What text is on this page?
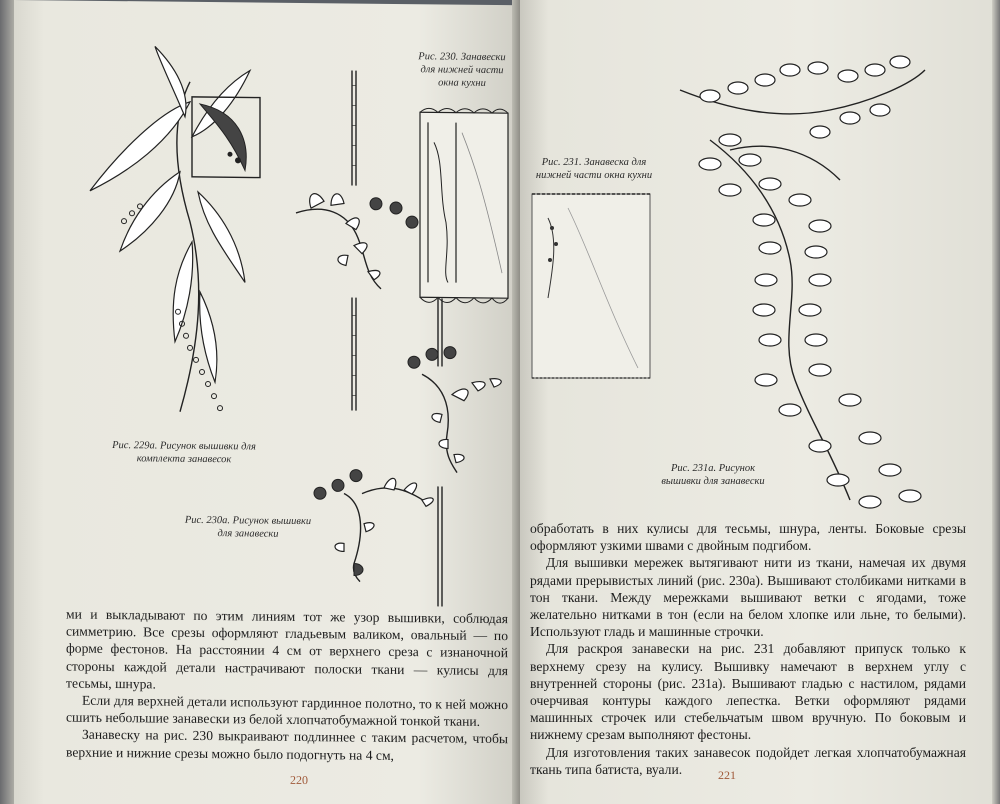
Рис. 230. Занавески для нижней части окна кухни
Рис. 229а. Рисунок вышивки для комплекта занавесок
Рис. 230а. Рисунок вышивки для занавески

ми и выкладывают по этим линиям тот же узор вышивки, соблюдая симметрию. Все срезы оформляют гладьевым валиком, овальный — по форме фестонов. На расстоянии 4 см от верхнего среза с изнаночной стороны каждой детали настрачивают полоски ткани — кулисы для тесьмы, шнура.

Если для верхней детали используют гардинное полотно, то к ней можно сшить небольшие занавески из белой хлопчатобумажной тонкой ткани.

Занавеску на рис. 230 выкраивают подлиннее с таким расчетом, чтобы верхние и нижние срезы можно было подогнуть на 4 см,

220
Рис. 231. Занавеска для нижней части окна кухни
Рис. 231а. Рисунок вышивки для занавески

обработать в них кулисы для тесьмы, шнура, ленты. Боковые срезы оформляют узкими швами с двойным подгибом.

Для вышивки мережек вытягивают нити из ткани, намечая их двумя рядами прерывистых линий (рис. 230а). Вышивают столбиками нитками в тон ткани. Между мережками вышивают ветки с ягодами, тоже желательно нитками в тон (если на белом хлопке или льне, то белыми). Используют гладь и машинные строчки.

Для раскроя занавески на рис. 231 добавляют припуск только к верхнему срезу на кулису. Вышивку намечают в верхнем углу с внутренней стороны (рис. 231а). Вышивают гладью с настилом, рядами очерчивая контуры каждого лепестка. Ветки оформляют рядами машинных строчек или стебельчатым швом вручную. По боковым и нижнему срезам выполняют фестоны.

Для изготовления таких занавесок подойдет легкая хлопчатобумажная ткань типа батиста, вуали.	221
